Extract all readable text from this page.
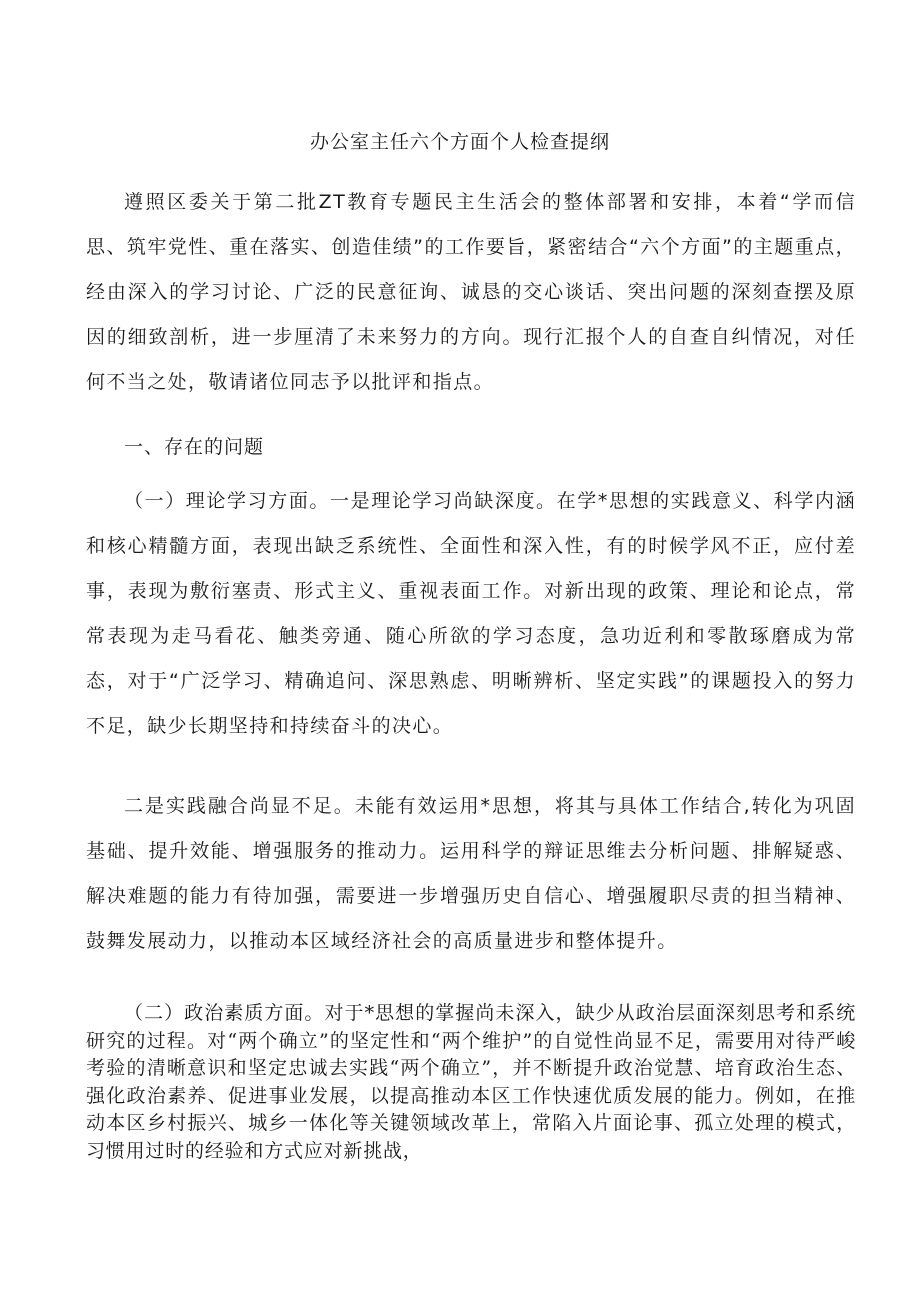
办公室主任六个方面个人检查提纲

遵照区委关于第二批ZT教育专题民主生活会的整体部署和安排，本着“学而信思、筑牢党性、重在落实、创造佳绩”的工作要旨，紧密结合“六个方面”的主题重点，经由深入的学习讨论、广泛的民意征询、诚恳的交心谈话、突出问题的深刻查摆及原因的细致剖析，进一步厘清了未来努力的方向。现行汇报个人的自查自纠情况，对任何不当之处，敬请诸位同志予以批评和指点。

一、存在的问题

（一）理论学习方面。一是理论学习尚缺深度。在学*思想的实践意义、科学内涵和核心精髓方面，表现出缺乏系统性、全面性和深入性，有的时候学风不正，应付差事，表现为敷衍塞责、形式主义、重视表面工作。对新出现的政策、理论和论点，常常表现为走马看花、触类旁通、随心所欲的学习态度，急功近利和零散琢磨成为常态，对于“广泛学习、精确追问、深思熟虑、明晰辨析、坚定实践”的课题投入的努力不足，缺少长期坚持和持续奋斗的决心。

二是实践融合尚显不足。未能有效运用*思想，将其与具体工作结合,转化为巩固基础、提升效能、增强服务的推动力。运用科学的辩证思维去分析问题、排解疑惑、解决难题的能力有待加强，需要进一步增强历史自信心、增强履职尽责的担当精神、鼓舞发展动力，以推动本区域经济社会的高质量进步和整体提升。

（二）政治素质方面。对于*思想的掌握尚未深入，缺少从政治层面深刻思考和系统研究的过程。对“两个确立”的坚定性和“两个维护”的自觉性尚显不足，需要用对待严峻考验的清晰意识和坚定忠诚去实践“两个确立”，并不断提升政治觉慧、培育政治生态、强化政治素养、促进事业发展，以提高推动本区工作快速优质发展的能力。例如，在推动本区乡村振兴、城乡一体化等关键领域改革上，常陷入片面论事、孤立处理的模式，习惯用过时的经验和方式应对新挑战，
